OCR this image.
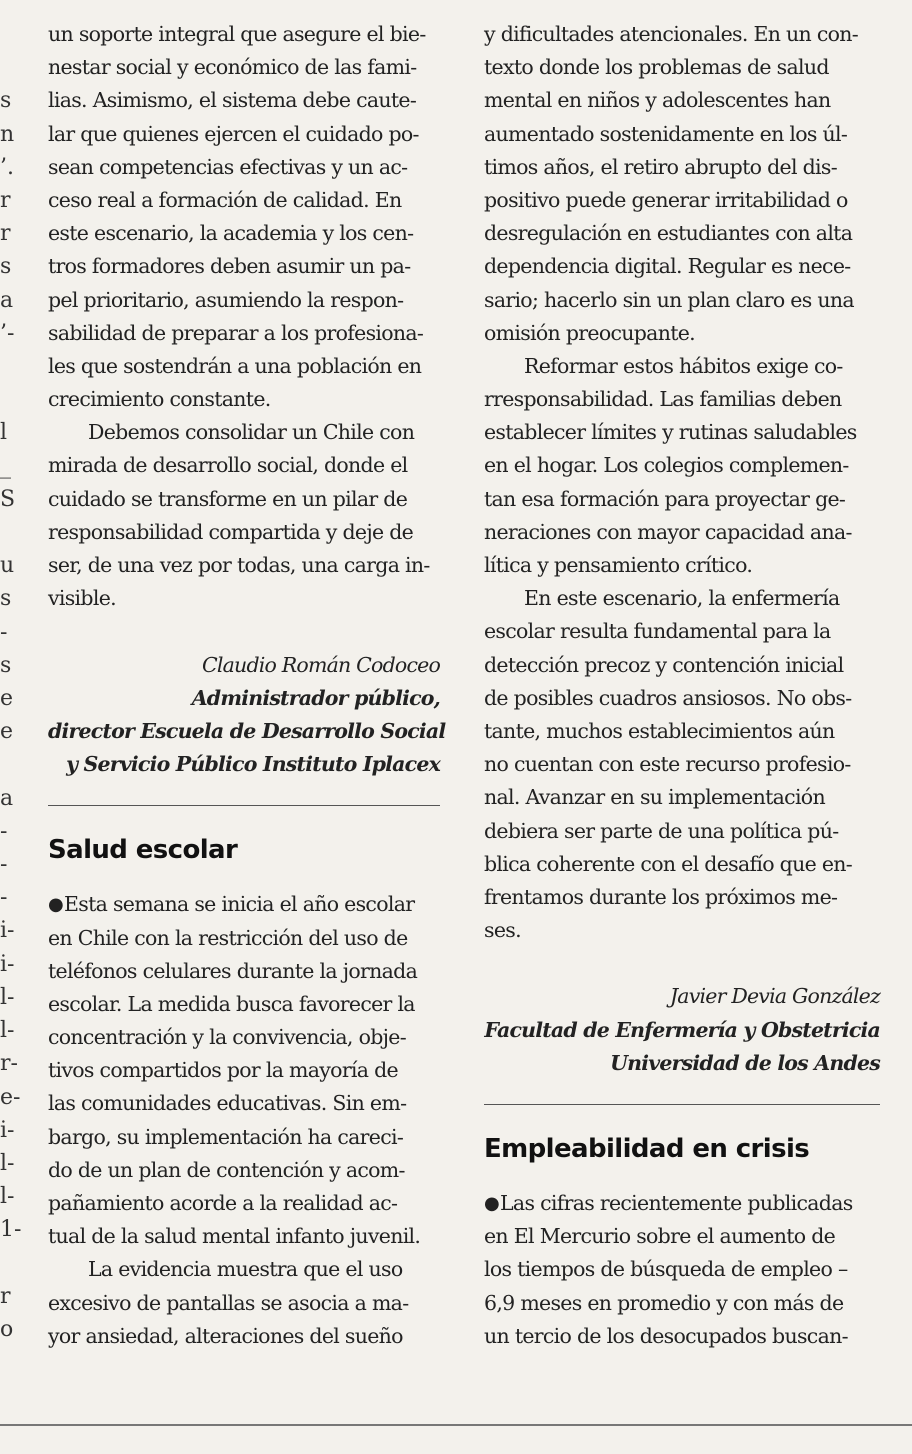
s
n
’.
r
r
s
a
’-

l
_
S

u
s
-
s
e
e

a
-
-
-
i-
i-
l-
l-
r-
e-
i-
l-
l-
1-

r
o
un soporte integral que asegure el bie-
nestar social y económico de las fami-
lias. Asimismo, el sistema debe caute-
lar que quienes ejercen el cuidado po-
sean competencias efectivas y un ac-
ceso real a formación de calidad. En
este escenario, la academia y los cen-
tros formadores deben asumir un pa-
pel prioritario, asumiendo la respon-
sabilidad de preparar a los profesiona-
les que sostendrán a una población en
crecimiento constante.
Debemos consolidar un Chile con
mirada de desarrollo social, donde el
cuidado se transforme en un pilar de
responsabilidad compartida y deje de
ser, de una vez por todas, una carga in-
visible.
Claudio Román Codoceo
Administrador público,
director Escuela de Desarrollo Social
y Servicio Público Instituto Iplacex
Salud escolar
●Esta semana se inicia el año escolar
en Chile con la restricción del uso de
teléfonos celulares durante la jornada
escolar. La medida busca favorecer la
concentración y la convivencia, obje-
tivos compartidos por la mayoría de
las comunidades educativas. Sin em-
bargo, su implementación ha careci-
do de un plan de contención y acom-
pañamiento acorde a la realidad ac-
tual de la salud mental infanto juvenil.
La evidencia muestra que el uso
excesivo de pantallas se asocia a ma-
yor ansiedad, alteraciones del sueño
y dificultades atencionales. En un con-
texto donde los problemas de salud
mental en niños y adolescentes han
aumentado sostenidamente en los úl-
timos años, el retiro abrupto del dis-
positivo puede generar irritabilidad o
desregulación en estudiantes con alta
dependencia digital. Regular es nece-
sario; hacerlo sin un plan claro es una
omisión preocupante.
Reformar estos hábitos exige co-
rresponsabilidad. Las familias deben
establecer límites y rutinas saludables
en el hogar. Los colegios complemen-
tan esa formación para proyectar ge-
neraciones con mayor capacidad ana-
lítica y pensamiento crítico.
En este escenario, la enfermería
escolar resulta fundamental para la
detección precoz y contención inicial
de posibles cuadros ansiosos. No obs-
tante, muchos establecimientos aún
no cuentan con este recurso profesio-
nal. Avanzar en su implementación
debiera ser parte de una política pú-
blica coherente con el desafío que en-
frentamos durante los próximos me-
ses.
Javier Devia González
Facultad de Enfermería y Obstetricia
Universidad de los Andes
Empleabilidad en crisis
●Las cifras recientemente publicadas
en El Mercurio sobre el aumento de
los tiempos de búsqueda de empleo –
6,9 meses en promedio y con más de
un tercio de los desocupados buscan-
